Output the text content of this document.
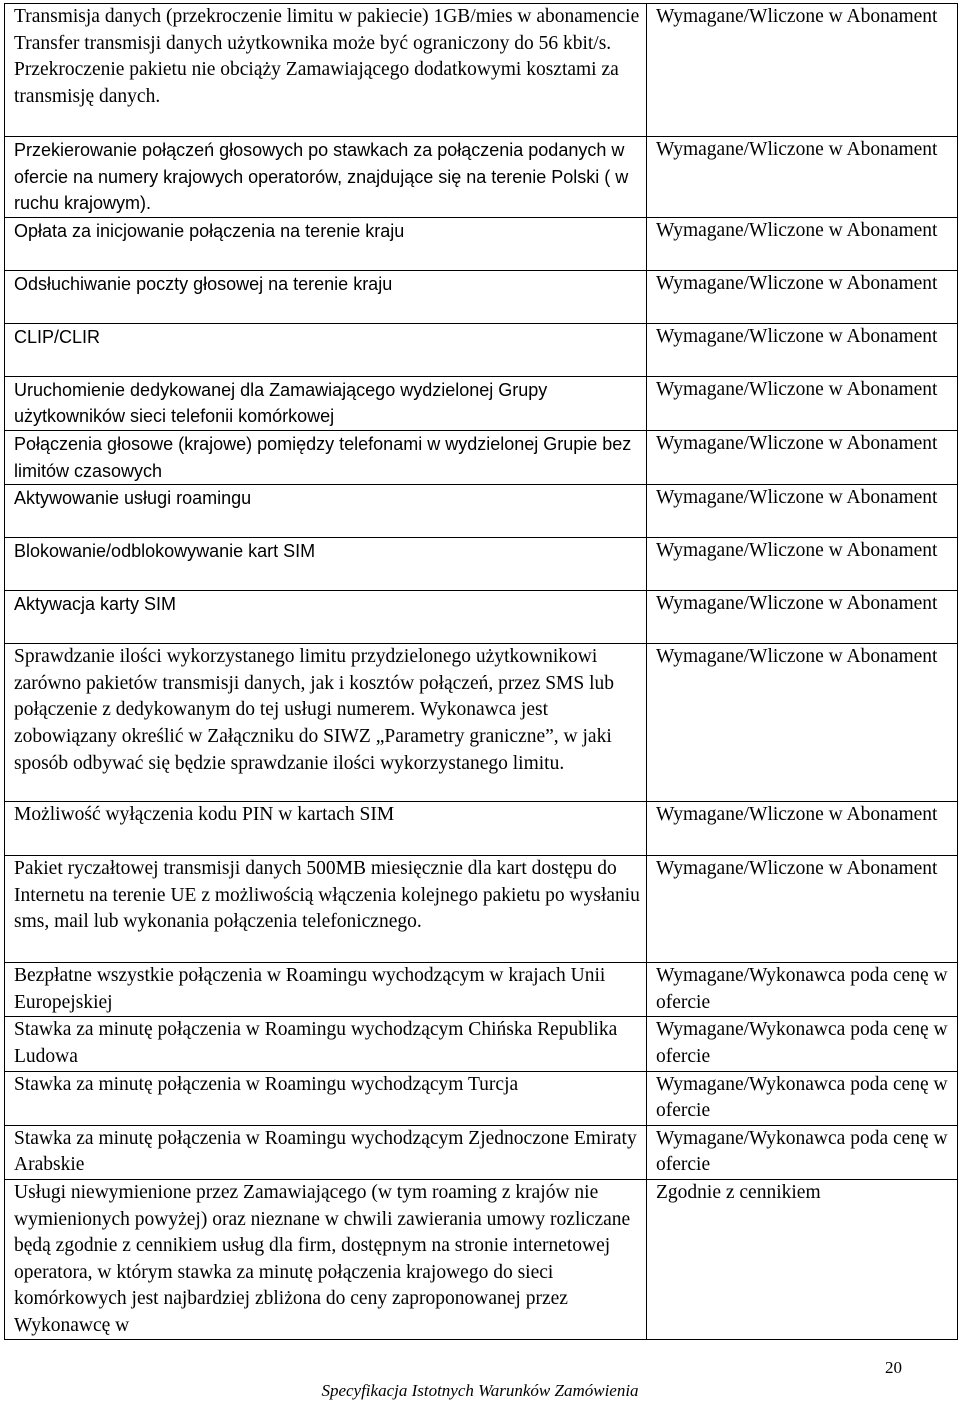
Transmisja danych (przekroczenie limitu w pakiecie) 1GB/mies w abonamencie Transfer transmisji danych użytkownika może być ograniczony do 56 kbit/s. Przekroczenie pakietu nie obciąży Zamawiającego dodatkowymi kosztami za transmisję danych.	Wymagane/Wliczone w Abonament
Przekierowanie połączeń głosowych po stawkach za połączenia podanych w ofercie na numery krajowych operatorów, znajdujące się na terenie Polski ( w ruchu krajowym).	Wymagane/Wliczone w Abonament
Opłata za inicjowanie połączenia na terenie kraju	Wymagane/Wliczone w Abonament
Odsłuchiwanie poczty głosowej na terenie kraju	Wymagane/Wliczone w Abonament
CLIP/CLIR	Wymagane/Wliczone w Abonament
Uruchomienie dedykowanej dla Zamawiającego wydzielonej Grupy użytkowników sieci telefonii komórkowej	Wymagane/Wliczone w Abonament
Połączenia głosowe (krajowe) pomiędzy telefonami w wydzielonej Grupie bez limitów czasowych	Wymagane/Wliczone w Abonament
Aktywowanie usługi roamingu	Wymagane/Wliczone w Abonament
Blokowanie/odblokowywanie kart SIM	Wymagane/Wliczone w Abonament
Aktywacja karty SIM	Wymagane/Wliczone w Abonament
Sprawdzanie ilości wykorzystanego limitu przydzielonego użytkownikowi zarówno pakietów transmisji danych, jak i kosztów połączeń, przez SMS lub połączenie z dedykowanym do tej usługi numerem. Wykonawca jest zobowiązany określić w Załączniku do SIWZ „Parametry graniczne”, w jaki sposób odbywać się będzie sprawdzanie ilości wykorzystanego limitu.	Wymagane/Wliczone w Abonament
Możliwość wyłączenia kodu PIN w kartach SIM	Wymagane/Wliczone w Abonament
Pakiet ryczałtowej transmisji danych 500MB miesięcznie dla kart dostępu do Internetu na terenie UE z możliwością włączenia kolejnego pakietu po wysłaniu sms, mail lub wykonania połączenia telefonicznego.	Wymagane/Wliczone w Abonament
Bezpłatne wszystkie połączenia w Roamingu wychodzącym w krajach Unii Europejskiej	Wymagane/Wykonawca poda cenę w ofercie
Stawka za minutę połączenia w Roamingu wychodzącym Chińska Republika Ludowa	Wymagane/Wykonawca poda cenę w ofercie
Stawka za minutę połączenia w Roamingu wychodzącym Turcja	Wymagane/Wykonawca poda cenę w ofercie
Stawka za minutę połączenia w Roamingu wychodzącym Zjednoczone Emiraty Arabskie	Wymagane/Wykonawca poda cenę w ofercie
Usługi niewymienione przez Zamawiającego (w tym roaming z krajów nie wymienionych powyżej) oraz nieznane w chwili zawierania umowy rozliczane będą zgodnie z cennikiem usług dla firm, dostępnym na stronie internetowej operatora, w którym stawka za minutę połączenia krajowego do sieci komórkowych jest najbardziej zbliżona do ceny zaproponowanej przez Wykonawcę w	Zgodnie z cennikiem
20
Specyfikacja Istotnych Warunków Zamówienia
